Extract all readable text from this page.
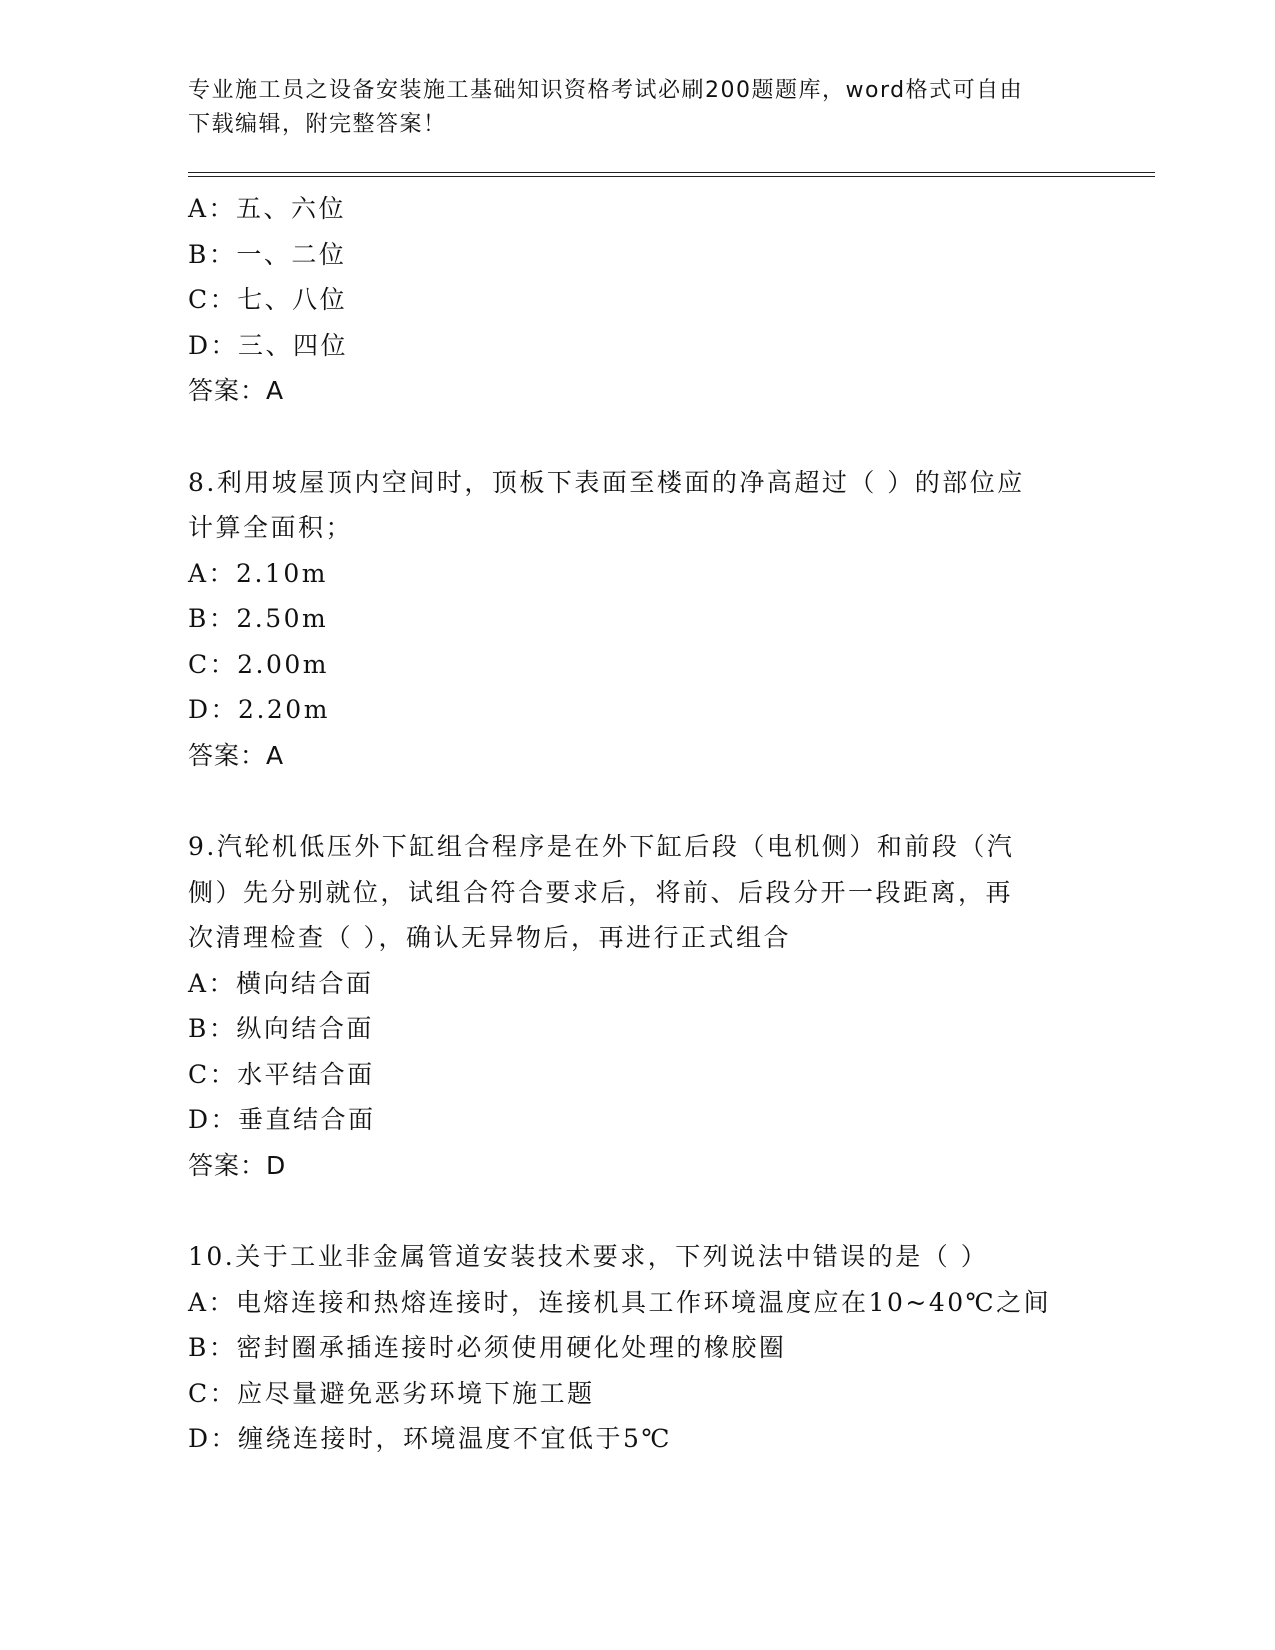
专业施工员之设备安装施工基础知识资格考试必刷200题题库，word格式可自由
下载编辑，附完整答案！
A：五、六位
B：一、二位
C：七、八位
D：三、四位
答案：A
8.利用坡屋顶内空间时，顶板下表面至楼面的净高超过（ ）的部位应
计算全面积；
A：2.10m
B：2.50m
C：2.00m
D：2.20m
答案：A
9.汽轮机低压外下缸组合程序是在外下缸后段（电机侧）和前段（汽
侧）先分别就位，试组合符合要求后，将前、后段分开一段距离，再
次清理检查（ ），确认无异物后，再进行正式组合
A：横向结合面
B：纵向结合面
C：水平结合面
D：垂直结合面
答案：D
10.关于工业非金属管道安装技术要求，下列说法中错误的是（ ）
A：电熔连接和热熔连接时，连接机具工作环境温度应在10~40℃之间
B：密封圈承插连接时必须使用硬化处理的橡胶圈
C：应尽量避免恶劣环境下施工题
D：缠绕连接时，环境温度不宜低于5℃
